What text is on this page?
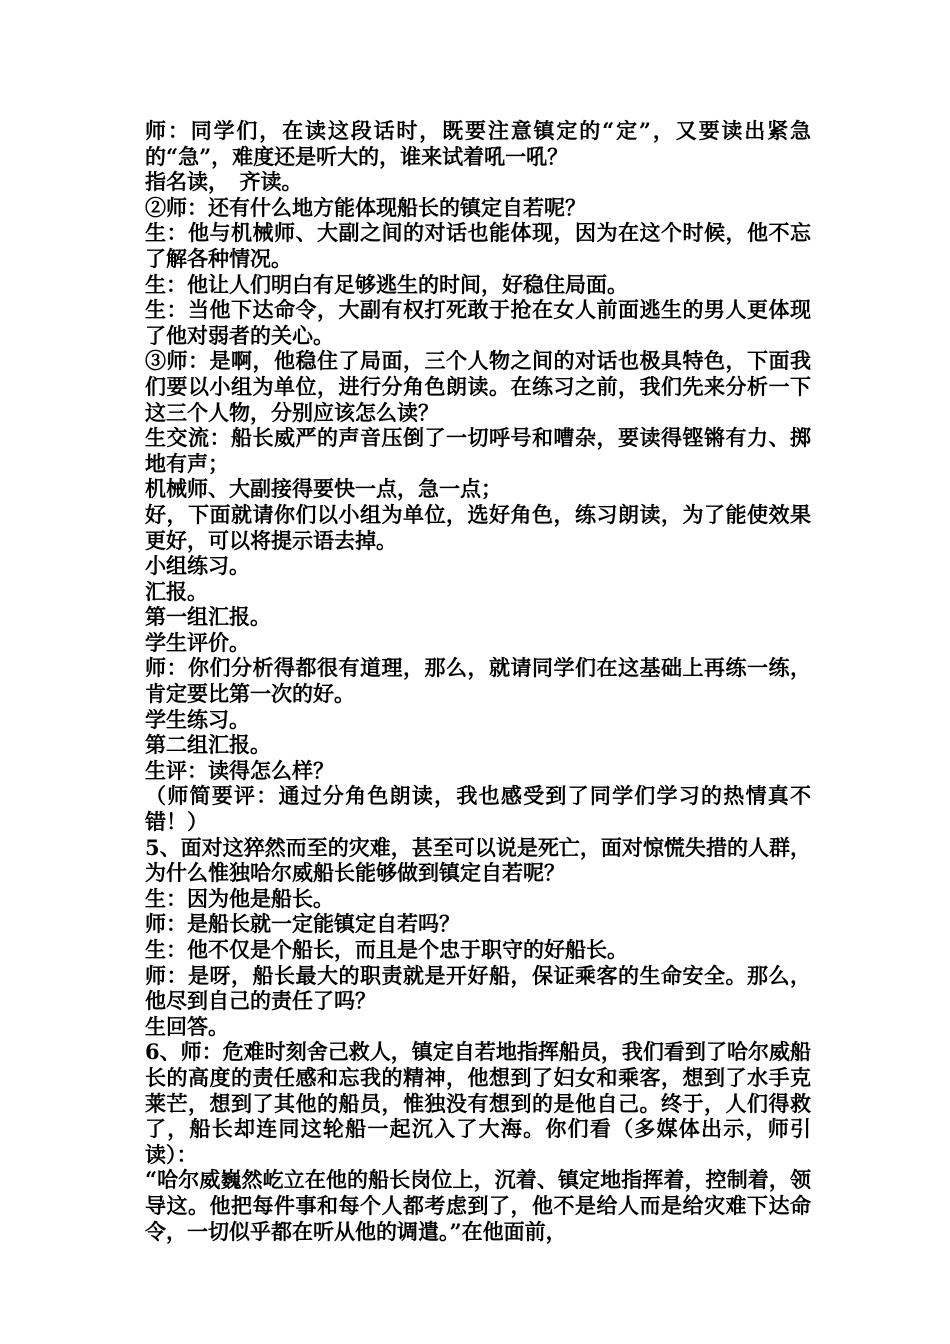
师：同学们，在读这段话时，既要注意镇定的“定”，又要读出紧急的“急”，难度还是听大的，谁来试着吼一吼？

指名读，　齐读。

②师：还有什么地方能体现船长的镇定自若呢？

生：他与机械师、大副之间的对话也能体现，因为在这个时候，他不忘了解各种情况。

生：他让人们明白有足够逃生的时间，好稳住局面。

生：当他下达命令，大副有权打死敢于抢在女人前面逃生的男人更体现了他对弱者的关心。

③师：是啊，他稳住了局面，三个人物之间的对话也极具特色，下面我们要以小组为单位，进行分角色朗读。在练习之前，我们先来分析一下这三个人物，分别应该怎么读？

生交流：船长威严的声音压倒了一切呼号和嘈杂，要读得铿锵有力、掷地有声；

机械师、大副接得要快一点，急一点；

好，下面就请你们以小组为单位，选好角色，练习朗读，为了能使效果更好，可以将提示语去掉。

小组练习。

汇报。

第一组汇报。

学生评价。

师：你们分析得都很有道理，那么，就请同学们在这基础上再练一练，肯定要比第一次的好。

学生练习。

第二组汇报。

生评：读得怎么样？

（师简要评：通过分角色朗读，我也感受到了同学们学习的热情真不错！）

5、面对这猝然而至的灾难，甚至可以说是死亡，面对惊慌失措的人群，为什么惟独哈尔威船长能够做到镇定自若呢？

生：因为他是船长。

师：是船长就一定能镇定自若吗？

生：他不仅是个船长，而且是个忠于职守的好船长。

师：是呀，船长最大的职责就是开好船，保证乘客的生命安全。那么，他尽到自己的责任了吗？

生回答。

6、师：危难时刻舍己救人，镇定自若地指挥船员，我们看到了哈尔威船长的高度的责任感和忘我的精神，他想到了妇女和乘客，想到了水手克莱芒，想到了其他的船员，惟独没有想到的是他自己。终于，人们得救了，船长却连同这轮船一起沉入了大海。你们看（多媒体出示，师引读）：

“哈尔威巍然屹立在他的船长岗位上，沉着、镇定地指挥着，控制着，领导这。他把每件事和每个人都考虑到了，他不是给人而是给灾难下达命令，一切似乎都在听从他的调遣。”在他面前，
